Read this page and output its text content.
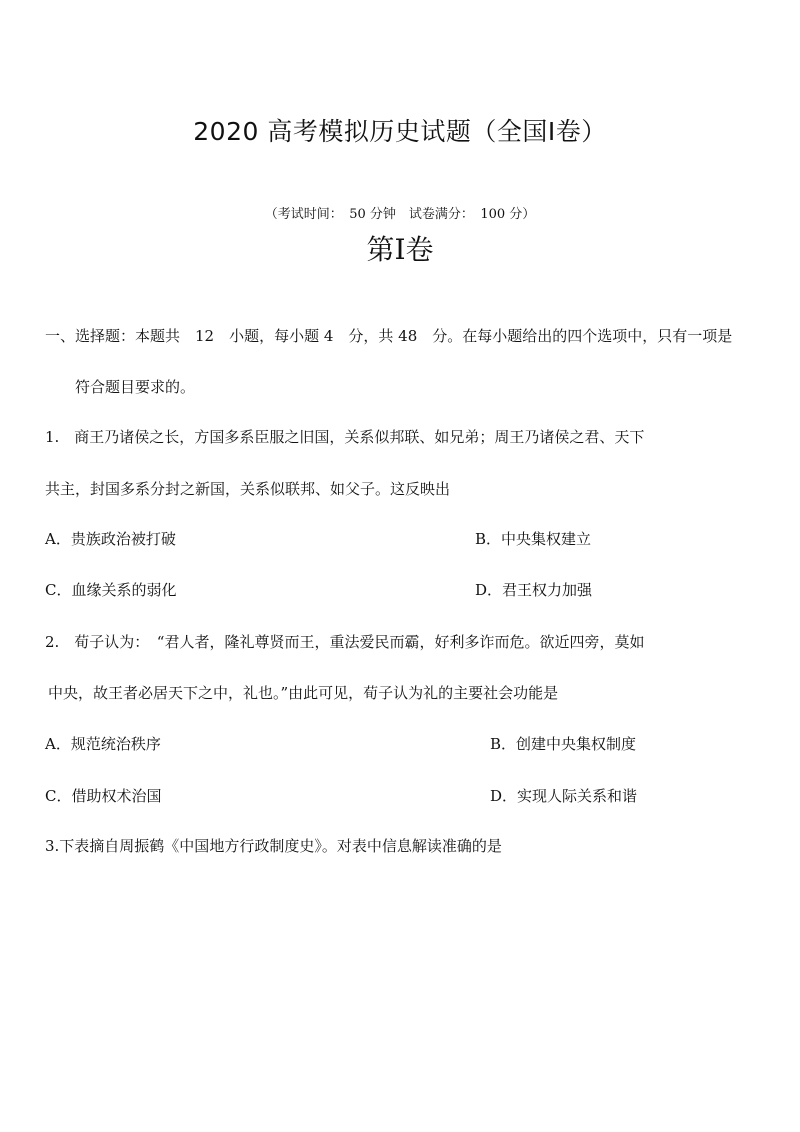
2020 高考模拟历史试题（全国Ⅰ卷）
（考试时间：　50 分钟　试卷满分：　100 分）
第Ⅰ卷
一、选择题：本题共　12　小题，每小题 4　分，共 48　分。在每小题给出的四个选项中，只有一项是
符合题目要求的。
1.　商王乃诸侯之长，方国多系臣服之旧国，关系似邦联、如兄弟；周王乃诸侯之君、天下
共主，封国多系分封之新国，关系似联邦、如父子。这反映出
A．贵族政治被打破	B．中央集权建立
C．血缘关系的弱化	D．君王权力加强
2.　荀子认为：　“君人者，隆礼尊贤而王，重法爱民而霸，好利多诈而危。欲近四旁，莫如
中央，故王者必居天下之中，礼也。”由此可见，荀子认为礼的主要社会功能是
A．规范统治秩序	B．创建中央集权制度
C．借助权术治国	D．实现人际关系和谐
3.下表摘自周振鹤《中国地方行政制度史》。对表中信息解读准确的是
